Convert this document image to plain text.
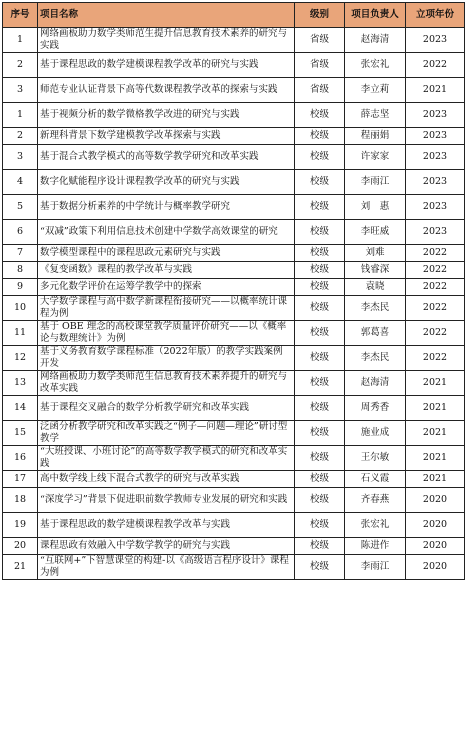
序号	项目名称	级别	项目负责人	立项年份
1	网络画板助力数学类师范生提升信息教育技术素养的研究与实践	省级	赵海清	2023
2	基于课程思政的数学建模课程教学改革的研究与实践	省级	张宏礼	2022
3	师范专业认证背景下高等代数课程教学改革的探索与实践	省级	李立莉	2021
1	基于视频分析的数学微格教学改进的研究与实践	校级	薛志坚	2023
2	新理科背景下数学建模教学改革探索与实践	校级	程丽娟	2023
3	基于混合式教学模式的高等数学教学研究和改革实践	校级	许家家	2023
4	数字化赋能程序设计课程教学改革的研究与实践	校级	李雨江	2023
5	基于数据分析素养的中学统计与概率教学研究	校级	刘　惠	2023
6	“双减”政策下利用信息技术创建中学数学高效课堂的研究	校级	李旺威	2023
7	数学模型课程中的课程思政元素研究与实践	校级	刘难	2022
8	《复变函数》课程的教学改革与实践	校级	钱睿深	2022
9	多元化数学评价在运筹学教学中的探索	校级	袁晓	2022
10	大学数学课程与高中数学新课程衔接研究——以概率统计课程为例	校级	李杰民	2022
11	基于 OBE 理念的高校课堂教学质量评价研究——以《概率论与数理统计》为例	校级	郭葛喜	2022
12	基于义务教育数学课程标准（2022年版）的教学实践案例开发	校级	李杰民	2022
13	网络画板助力数学类师范生信息教育技术素养提升的研究与改革实践	校级	赵海清	2021
14	基于课程交叉融合的数学分析教学研究和改革实践	校级	周秀香	2021
15	泛函分析教学研究和改革实践之“例子—问题—理论”研讨型教学	校级	施业成	2021
16	“大班授课、小班讨论”的高等数学教学模式的研究和改革实践	校级	王尔敏	2021
17	高中数学线上线下混合式教学的研究与改革实践	校级	石义霞	2021
18	“深度学习”背景下促进职前数学教师专业发展的研究和实践	校级	齐春燕	2020
19	基于课程思政的数学建模课程教学改革与实践	校级	张宏礼	2020
20	课程思政有效融入中学数学教学的研究与实践	校级	陈进作	2020
21	“互联网+”下智慧课堂的构建-以《高级语言程序设计》课程为例	校级	李雨江	2020
